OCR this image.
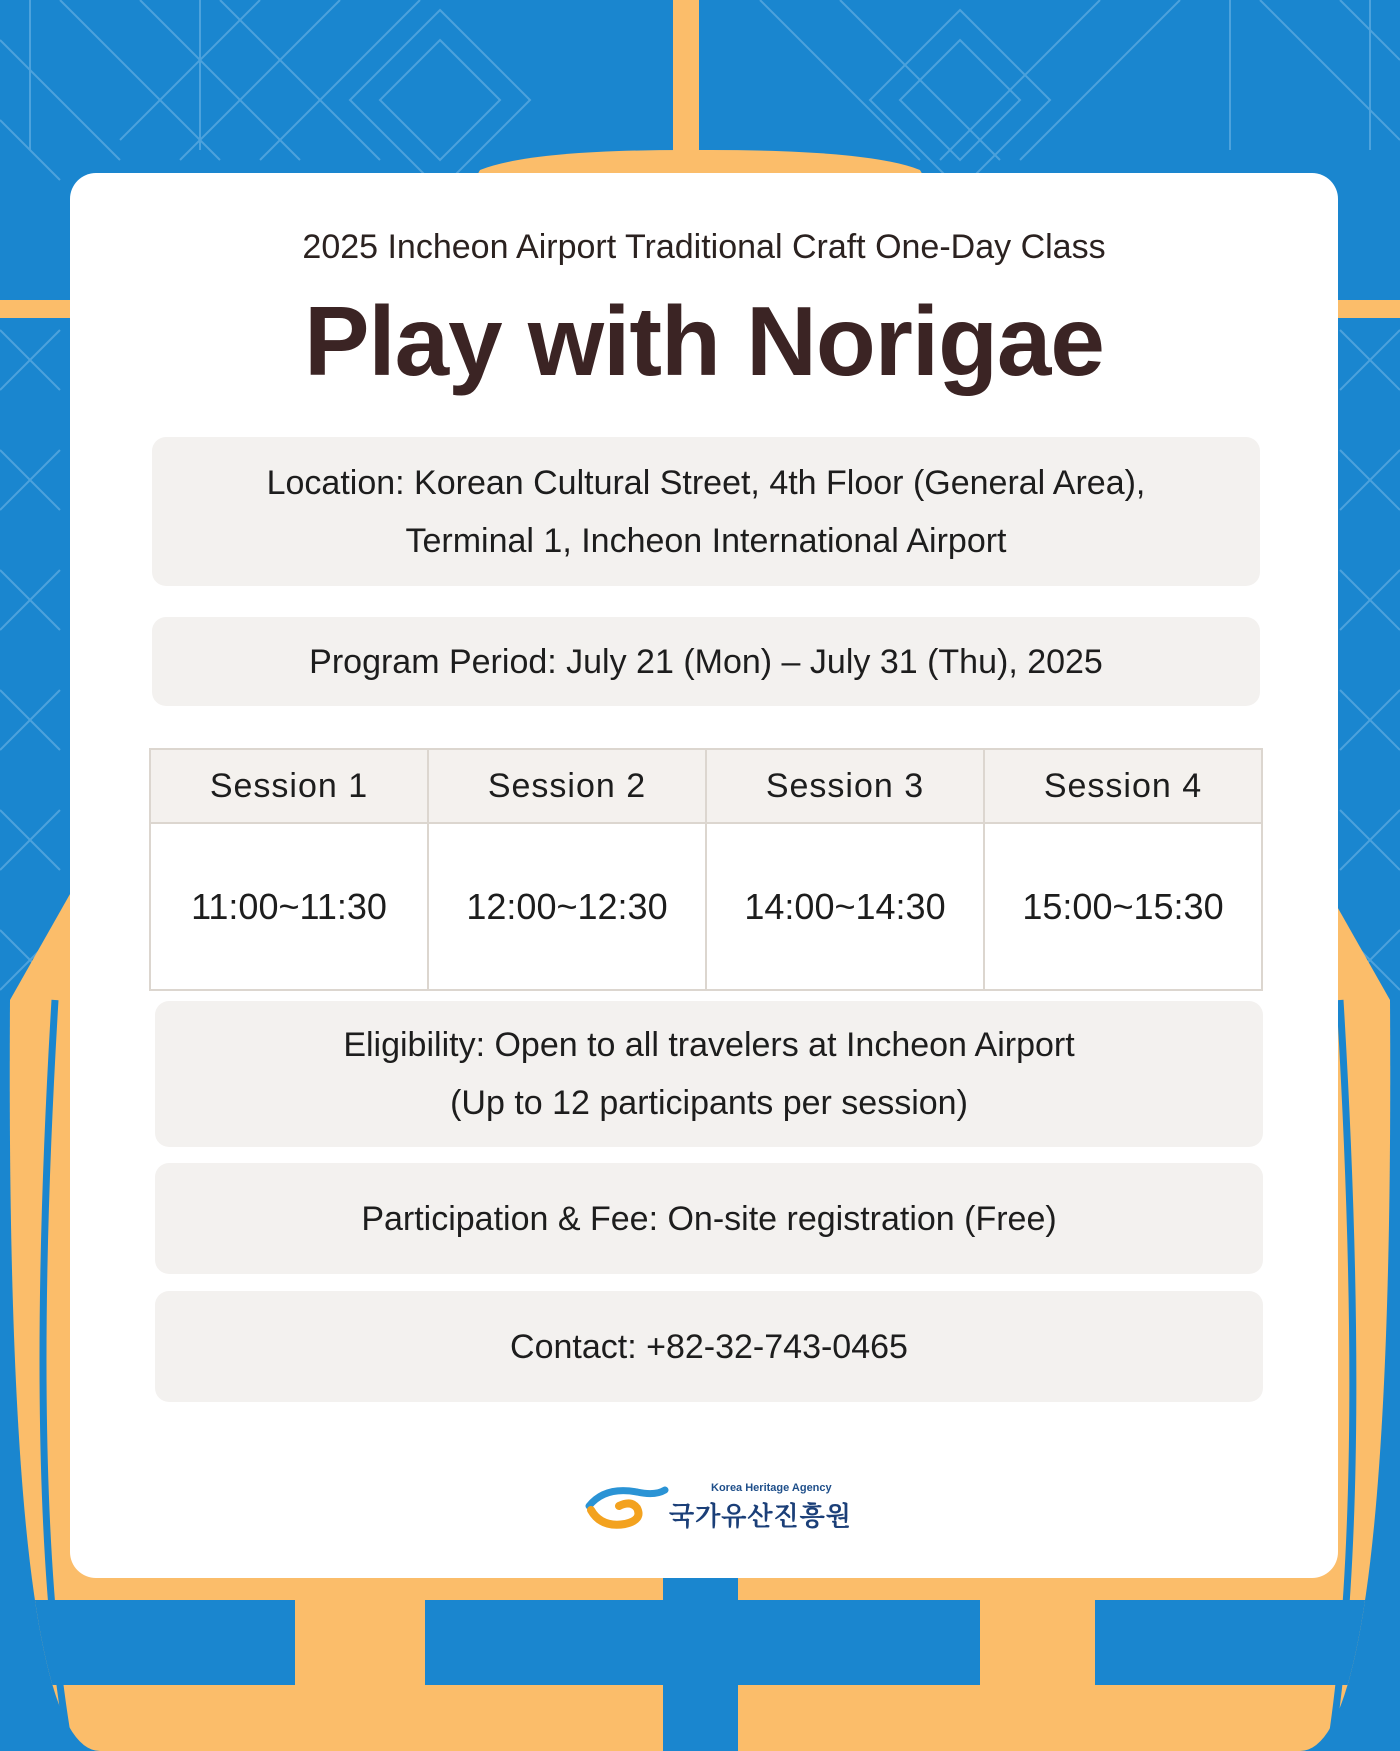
2025 Incheon Airport Traditional Craft One-Day Class
Play with Norigae
Location: Korean Cultural Street, 4th Floor (General Area),
Terminal 1, Incheon International Airport
Program Period: July 21 (Mon) – July 31 (Thu), 2025
Session 1	Session 2	Session 3	Session 4
11:00~11:30	12:00~12:30	14:00~14:30	15:00~15:30
Eligibility: Open to all travelers at Incheon Airport
(Up to 12 participants per session)
Participation & Fee: On-site registration (Free)
Contact: +82-32-743-0465
Korea Heritage Agency
국가유산진흥원
